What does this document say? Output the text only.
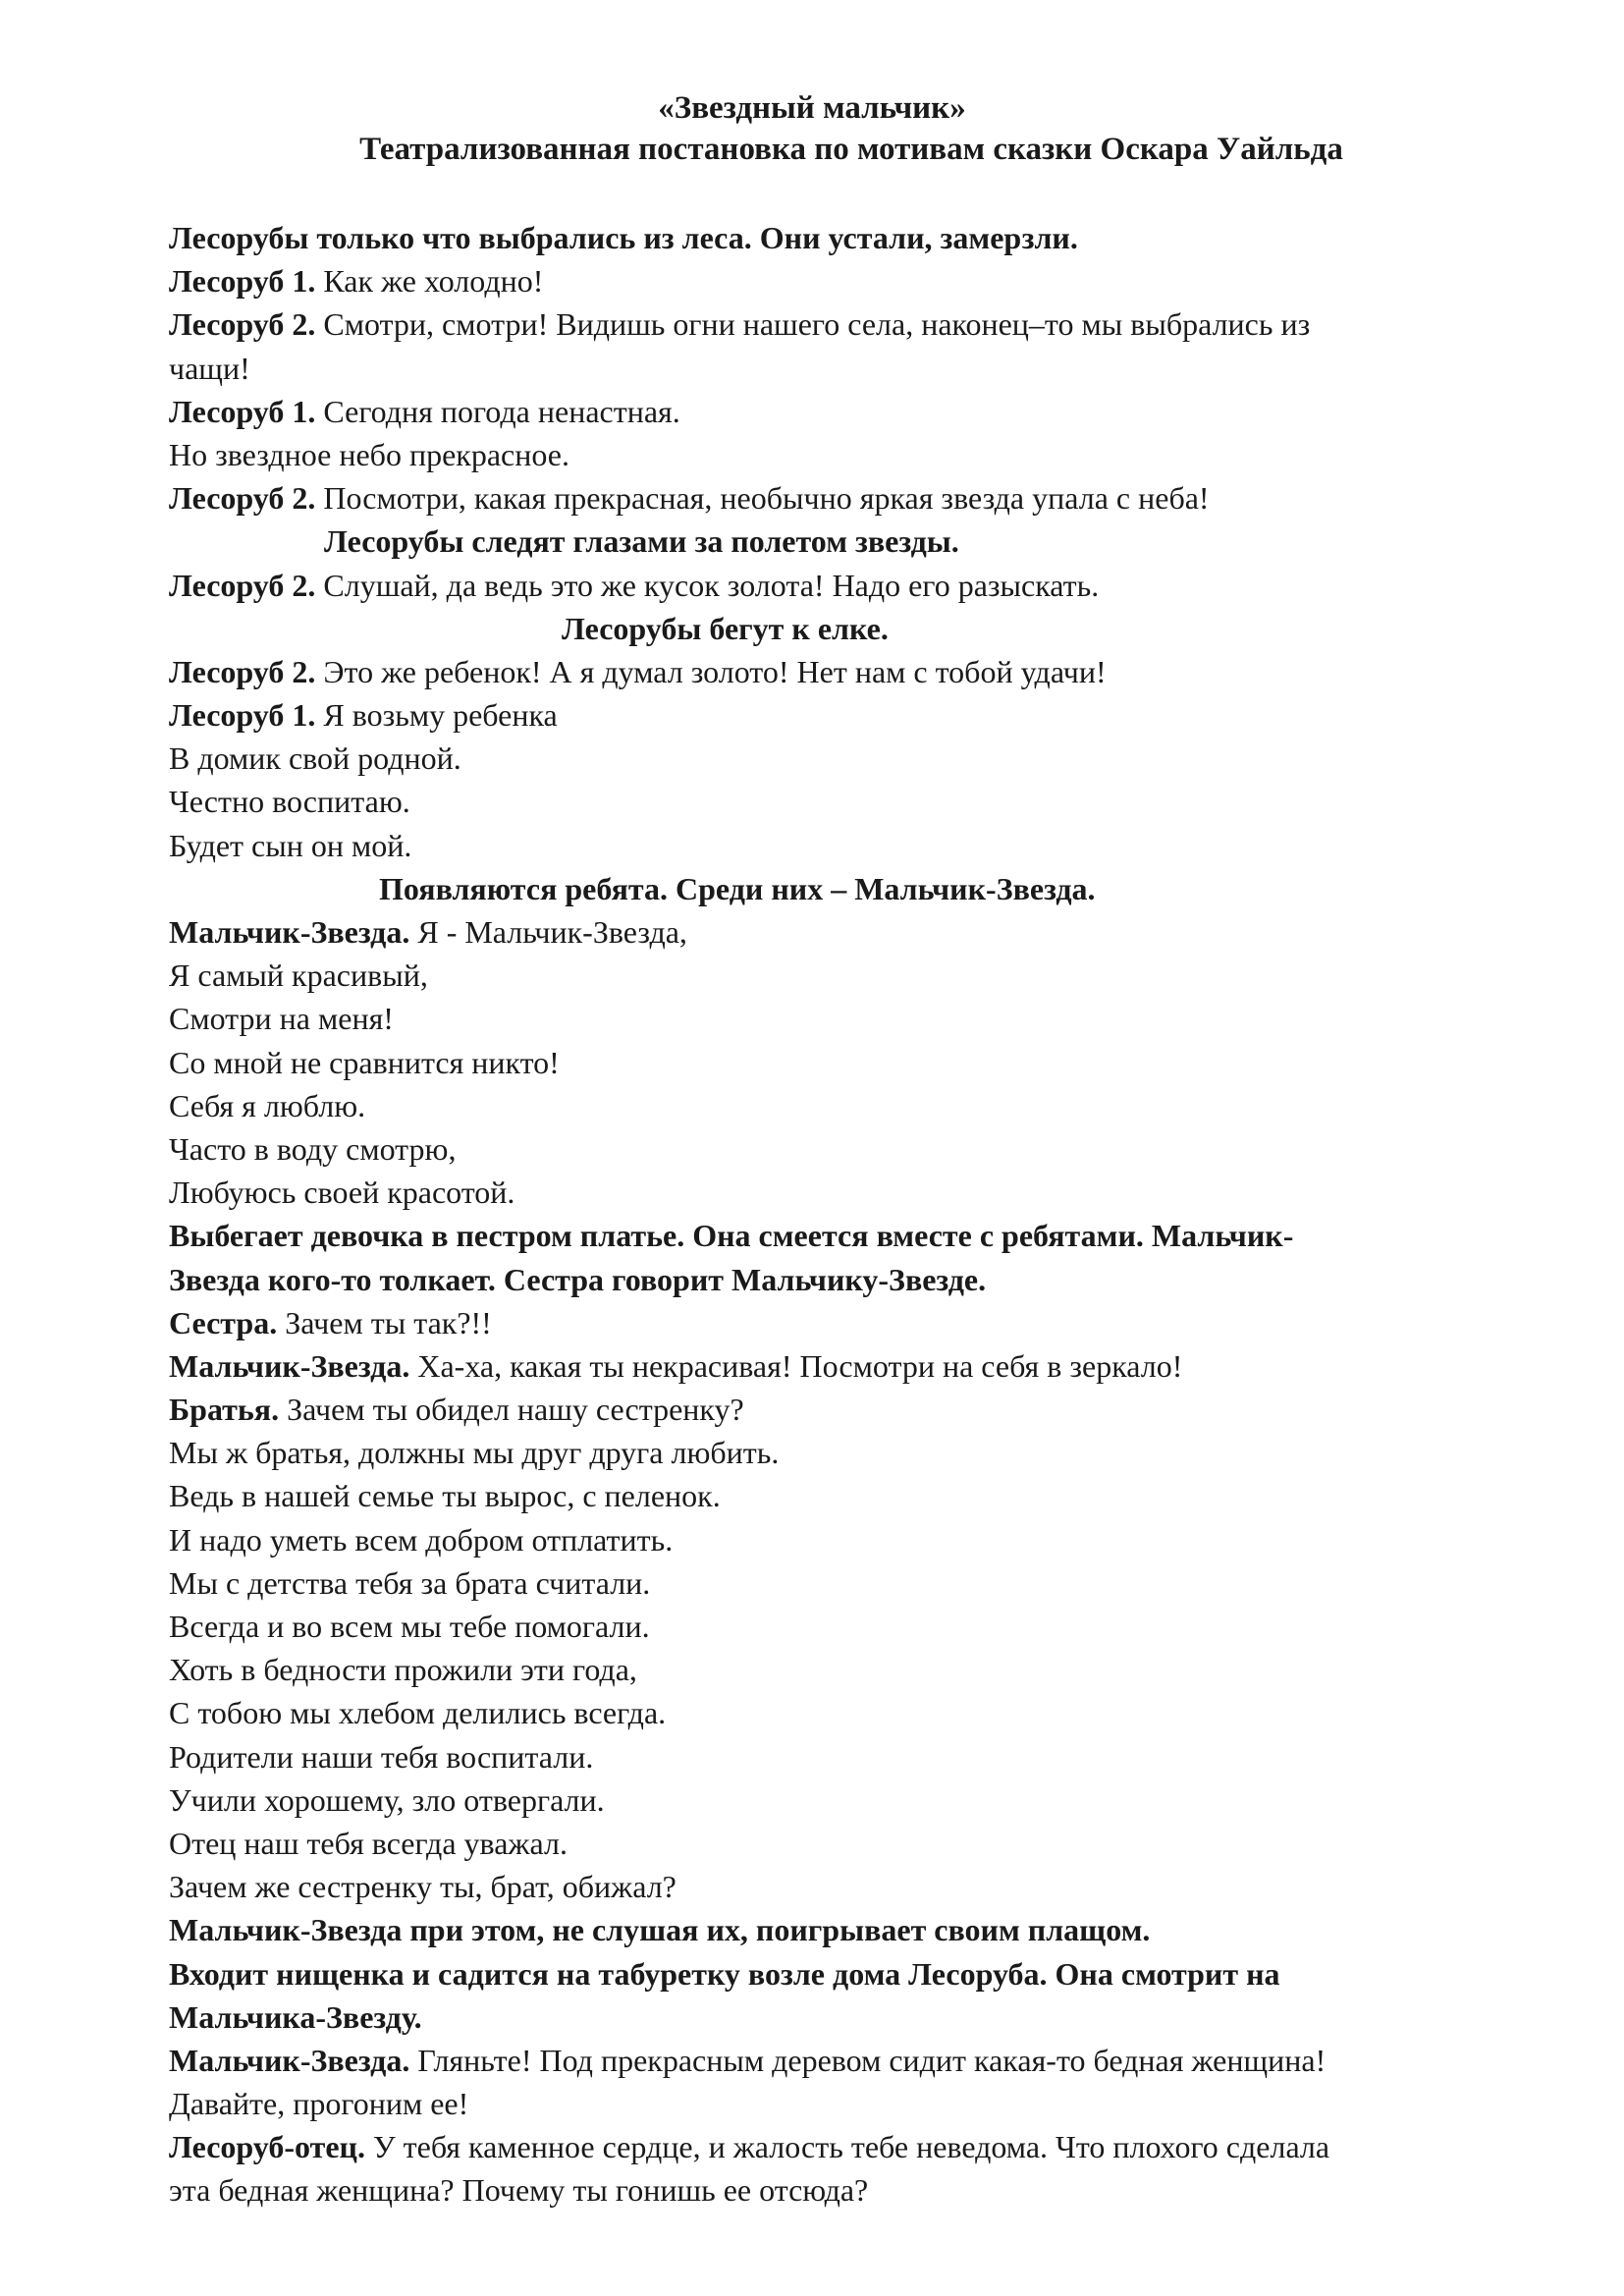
«Звездный мальчик»
Театрализованная постановка по мотивам сказки Оскара Уайльда
Лесорубы только что выбрались из леса. Они устали, замерзли.
Лесоруб 1. Как же холодно!
Лесоруб 2. Смотри, смотри! Видишь огни нашего села, наконец–то мы выбрались из
чащи!
Лесоруб 1. Сегодня погода ненастная.
Но звездное небо прекрасное.
Лесоруб 2. Посмотри, какая прекрасная, необычно яркая звезда упала с неба!
Лесорубы следят глазами за полетом звезды.
Лесоруб 2. Слушай, да ведь это же кусок золота! Надо его разыскать.
Лесорубы бегут к елке.
Лесоруб 2. Это же ребенок! А я думал золото! Нет нам с тобой удачи!
Лесоруб 1. Я возьму ребенка
В домик свой родной.
Честно воспитаю.
Будет сын он мой.
Появляются ребята. Среди них – Мальчик-Звезда.
Мальчик-Звезда. Я - Мальчик-Звезда,
Я самый красивый,
Смотри на меня!
Со мной не сравнится никто!
Себя я люблю.
Часто в воду смотрю,
Любуюсь своей красотой.
Выбегает девочка в пестром платье. Она смеется вместе с ребятами. Мальчик-
Звезда кого-то толкает. Сестра говорит Мальчику-Звезде.
Сестра. Зачем ты так?!!
Мальчик-Звезда. Ха-ха, какая ты некрасивая! Посмотри на себя в зеркало!
Братья. Зачем ты обидел нашу сестренку?
Мы ж братья, должны мы друг друга любить.
Ведь в нашей семье ты вырос, с пеленок.
И надо уметь всем добром отплатить.
Мы с детства тебя за брата считали.
Всегда и во всем мы тебе помогали.
Хоть в бедности прожили эти года,
С тобою мы хлебом делились всегда.
Родители наши тебя воспитали.
Учили хорошему, зло отвергали.
Отец наш тебя всегда уважал.
Зачем же сестренку ты, брат, обижал?
Мальчик-Звезда при этом, не слушая их, поигрывает своим плащом.
Входит нищенка и садится на табуретку возле дома Лесоруба. Она смотрит на
Мальчика-Звезду.
Мальчик-Звезда. Гляньте! Под прекрасным деревом сидит какая-то бедная женщина!
Давайте, прогоним ее!
Лесоруб-отец. У тебя каменное сердце, и жалость тебе неведома. Что плохого сделала
эта бедная женщина? Почему ты гонишь ее отсюда?
